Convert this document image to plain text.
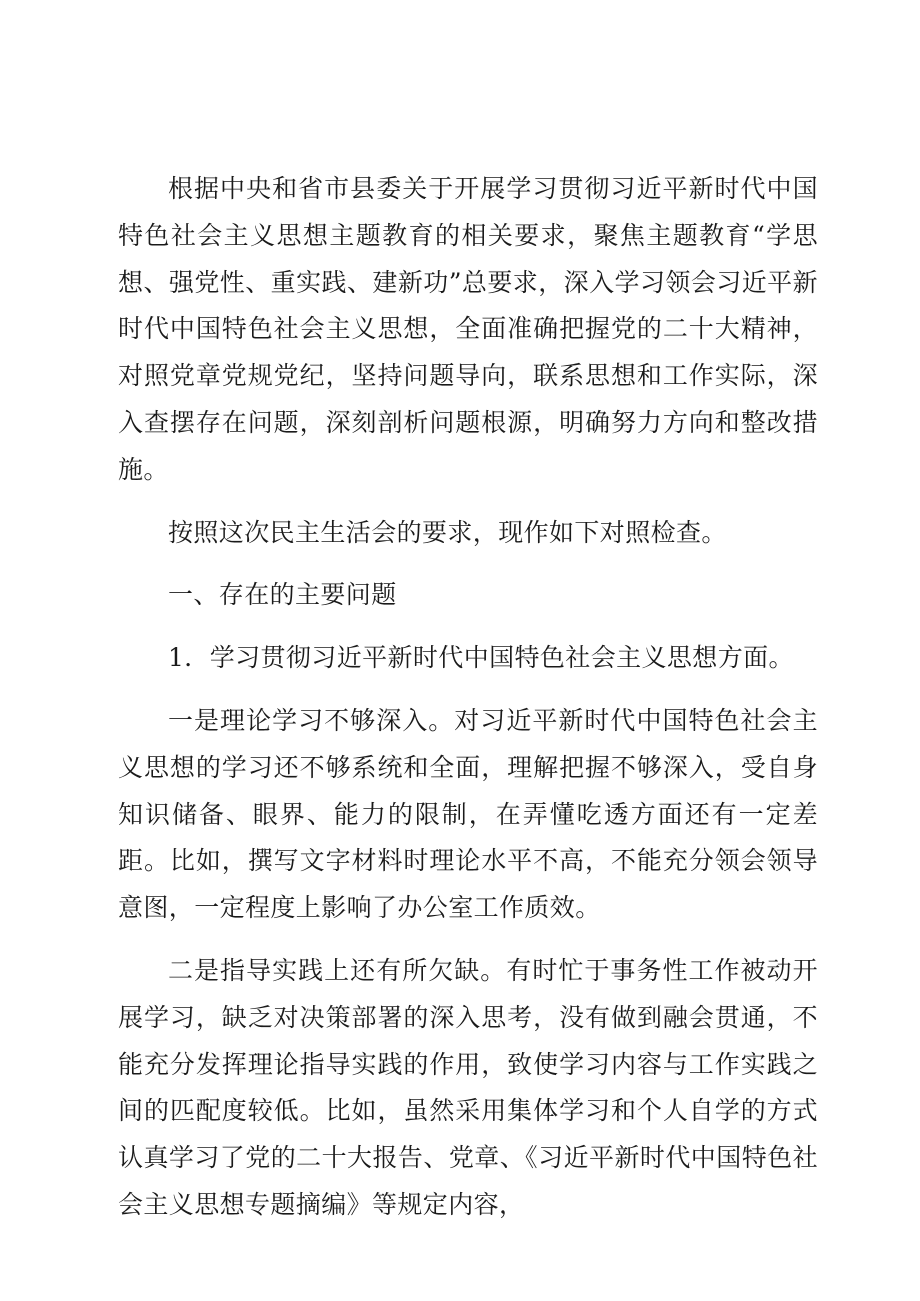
根据中央和省市县委关于开展学习贯彻习近平新时代中国特色社会主义思想主题教育的相关要求，聚焦主题教育“学思想、强党性、重实践、建新功”总要求，深入学习领会习近平新时代中国特色社会主义思想，全面准确把握党的二十大精神，对照党章党规党纪，坚持问题导向，联系思想和工作实际，深入查摆存在问题，深刻剖析问题根源，明确努力方向和整改措施。

按照这次民主生活会的要求，现作如下对照检查。

一、存在的主要问题

1．学习贯彻习近平新时代中国特色社会主义思想方面。

一是理论学习不够深入。对习近平新时代中国特色社会主义思想的学习还不够系统和全面，理解把握不够深入，受自身知识储备、眼界、能力的限制，在弄懂吃透方面还有一定差距。比如，撰写文字材料时理论水平不高，不能充分领会领导意图，一定程度上影响了办公室工作质效。

二是指导实践上还有所欠缺。有时忙于事务性工作被动开展学习，缺乏对决策部署的深入思考，没有做到融会贯通，不能充分发挥理论指导实践的作用，致使学习内容与工作实践之间的匹配度较低。比如，虽然采用集体学习和个人自学的方式认真学习了党的二十大报告、党章、《习近平新时代中国特色社会主义思想专题摘编》等规定内容，
